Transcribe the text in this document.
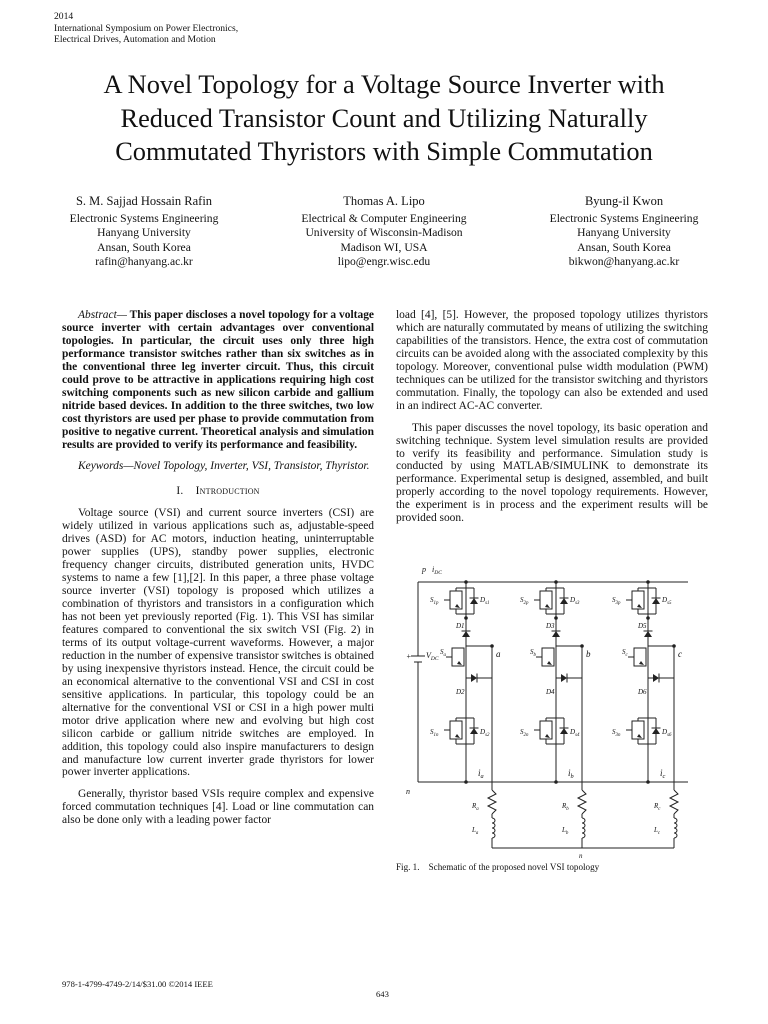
2014
International Symposium on Power Electronics,
Electrical Drives, Automation and Motion
A Novel Topology for a Voltage Source Inverter with
Reduced Transistor Count and Utilizing Naturally
Commutated Thyristors with Simple Commutation
S. M. Sajjad Hossain Rafin
Electronic Systems Engineering
Hanyang University
Ansan, South Korea
rafin@hanyang.ac.kr
Thomas A. Lipo
Electrical & Computer Engineering
University of Wisconsin-Madison
Madison WI, USA
lipo@engr.wisc.edu
Byung-il Kwon
Electronic Systems Engineering
Hanyang University
Ansan, South Korea
bikwon@hanyang.ac.kr

Abstract— This paper discloses a novel topology for a voltage source inverter with certain advantages over conventional topologies. In particular, the circuit uses only three high performance transistor switches rather than six switches as in the conventional three leg inverter circuit. Thus, this circuit could prove to be attractive in applications requiring high cost switching components such as new silicon carbide and gallium nitride based devices. In addition to the three switches, two low cost thyristors are used per phase to provide commutation from positive to negative current. Theoretical analysis and simulation results are provided to verify its performance and feasibility.

Keywords—Novel Topology, Inverter, VSI, Transistor, Thyristor.

I. Introduction

Voltage source (VSI) and current source inverters (CSI) are widely utilized in various applications such as, adjustable-speed drives (ASD) for AC motors, induction heating, uninterruptable power supplies (UPS), standby power supplies, electronic frequency changer circuits, distributed generation units, HVDC systems to name a few [1],[2]. In this paper, a three phase voltage source inverter (VSI) topology is proposed which utilizes a combination of thyristors and transistors in a configuration which has not been yet previously reported (Fig. 1). This VSI has similar features compared to conventional the six switch VSI (Fig. 2) in terms of its output voltage-current waveforms. However, a major reduction in the number of expensive transistor switches is obtained by using inexpensive thyristors instead. Hence, the circuit could be an economical alternative to the conventional VSI and CSI in cost sensitive applications. In particular, this topology could be an alternative for the conventional VSI or CSI in a high power multi motor drive application where new and evolving but high cost silicon carbide or gallium nitride switches are employed. In addition, this topology could also inspire manufacturers to design and manufacture low current inverter grade thyristors for lower power inverter applications.

Generally, thyristor based VSIs require complex and expensive forced commutation techniques [4]. Load or line commutation can also be done only with a leading power factor

load [4], [5]. However, the proposed topology utilizes thyristors which are naturally commutated by means of utilizing the switching capabilities of the transistors. Hence, the extra cost of commutation circuits can be avoided along with the associated complexity by this topology. Moreover, conventional pulse width modulation (PWM) techniques can be utilized for the transistor switching and thyristors commutation. Finally, the topology can also be extended and used in an indirect AC-AC converter.

This paper discusses the novel topology, its basic operation and switching technique. System level simulation results are provided to verify its feasibility and performance. Simulation study is conducted by using MATLAB/SIMULINK to demonstrate its performance. Experimental setup is designed, assembled, and built properly according to the novel topology requirements. However, the experiment is in process and the experiment results will be provided soon.

p $i_{DC}$
$V_{DC}$
+
n
$S_{1p}$	$D_{s1}$
D1
$S_a$	a
D2
$S_{1n}$	$D_{s2}$
$i_a$
$R_a$
$L_a$
$S_{2p}$	$D_{s3}$
D3
$S_b$	b
D4
$S_{2n}$	$D_{s4}$
$i_b$
$R_b$
$L_b$
$S_{3p}$	$D_{s5}$
D5
$S_c$	c
D6
$S_{3n}$	$D_{s6}$
$i_c$
$R_c$
$L_c$
n
Fig. 1. Schematic of the proposed novel VSI topology
978-1-4799-4749-2/14/$31.00 ©2014 IEEE
643
